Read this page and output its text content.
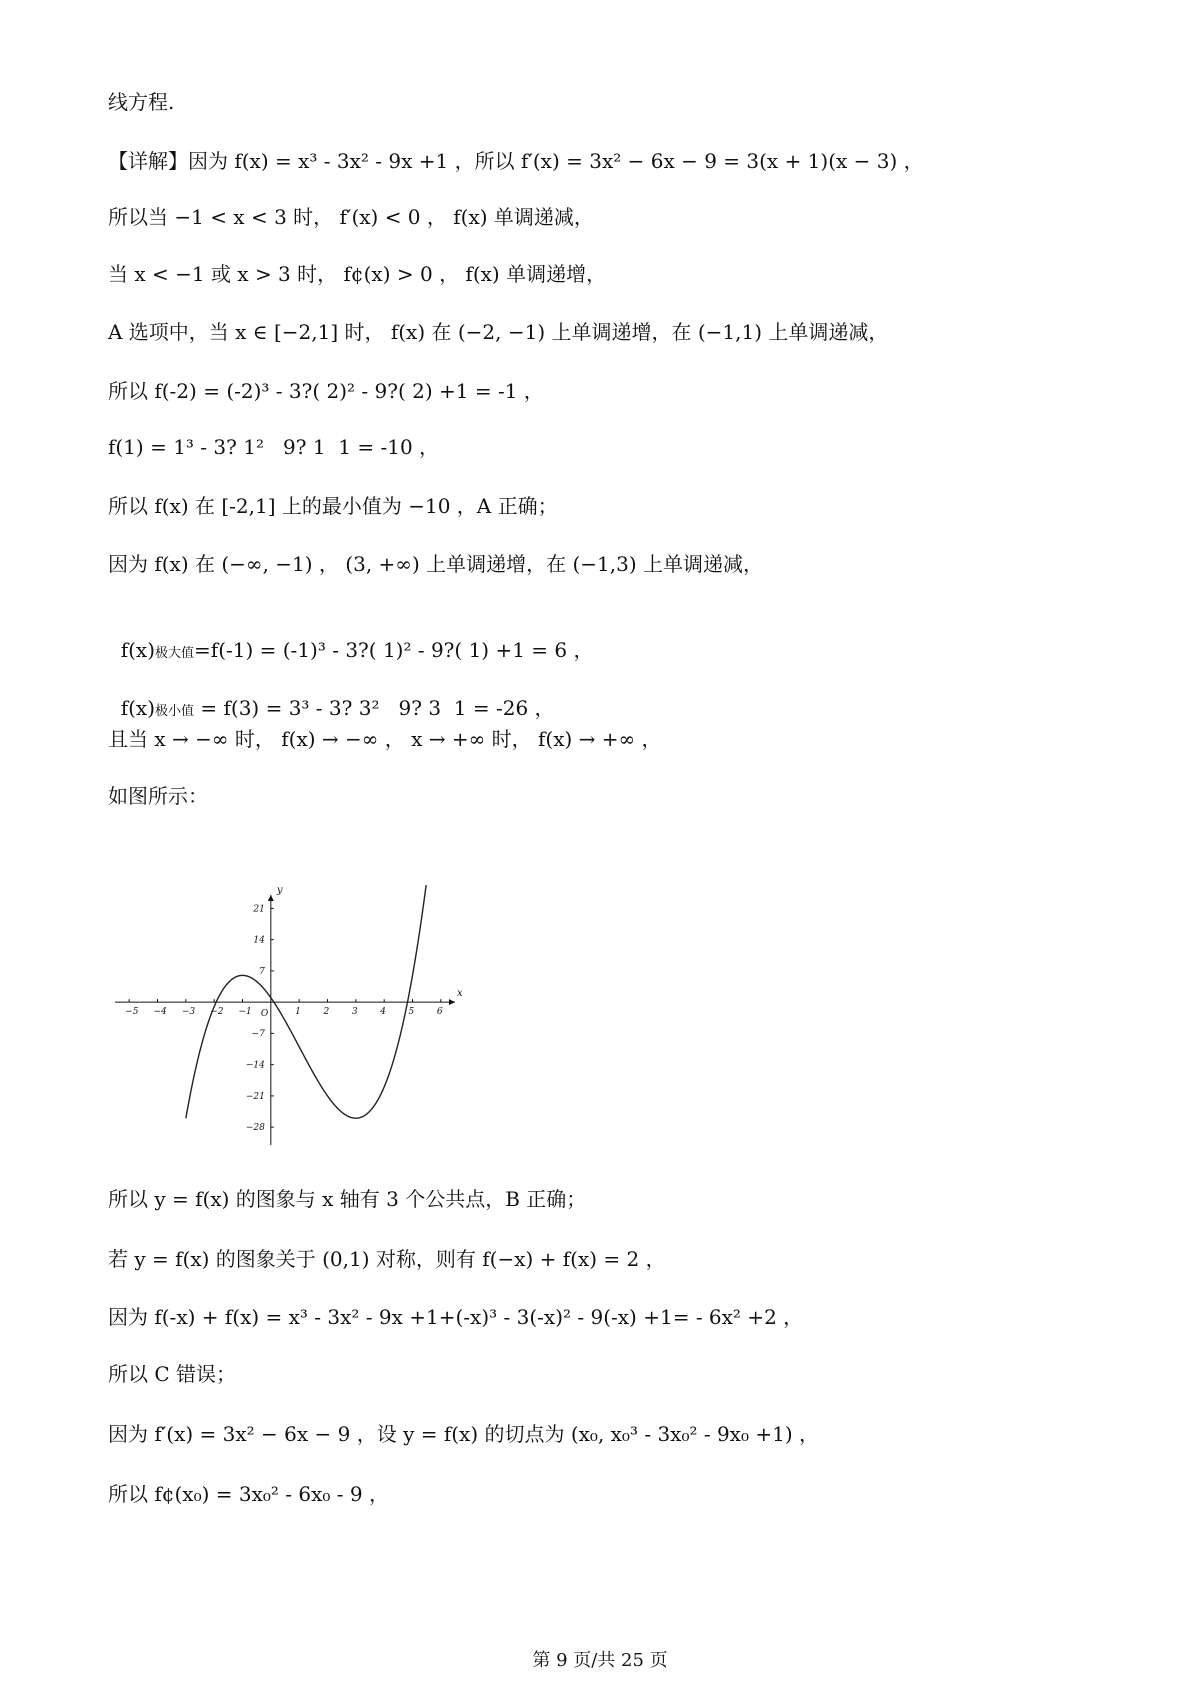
线方程.
【详解】因为 f(x) = x³ - 3x² - 9x +1 ，所以 f′(x) = 3x² − 6x − 9 = 3(x + 1)(x − 3) ，
所以当 −1 < x < 3 时， f′(x) < 0 ， f(x) 单调递减，
当 x < −1 或 x > 3 时， f¢(x) > 0 ， f(x) 单调递增，
A 选项中，当 x ∈ [−2,1] 时， f(x) 在 (−2, −1) 上单调递增，在 (−1,1) 上单调递减，
所以 f(-2) = (-2)³ - 3?( 2)² - 9?( 2) +1 = -1 ，
f(1) = 1³ - 3? 1²   9? 1  1 = -10 ，
所以 f(x) 在 [-2,1] 上的最小值为 −10 ，A 正确；
因为 f(x) 在 (−∞, −1) ， (3, +∞) 上单调递增，在 (−1,3) 上单调递减，

f(x)极大值=f(-1) = (-1)³ - 3?( 1)² - 9?( 1) +1 = 6 ，

f(x)极小值 = f(3) = 3³ - 3? 3²   9? 3  1 = -26 ，

且当 x → −∞ 时， f(x) → −∞ ， x → +∞ 时， f(x) → +∞ ，
如图所示：
x
y
O
−5 −4 −3 −2 −1	1	2	3	4	5	6
21
14
7
−7
−14
−21
−28
所以 y = f(x) 的图象与 x 轴有 3 个公共点，B 正确；
若 y = f(x) 的图象关于 (0,1) 对称，则有 f(−x) + f(x) = 2 ，
因为 f(-x) + f(x) = x³ - 3x² - 9x +1+(-x)³ - 3(-x)² - 9(-x) +1= - 6x² +2 ，
所以 C 错误；
因为 f′(x) = 3x² − 6x − 9 ，设 y = f(x) 的切点为 (x₀, x₀³ - 3x₀² - 9x₀ +1) ，
所以 f¢(x₀) = 3x₀² - 6x₀ - 9 ，
第 9 页/共 25 页
